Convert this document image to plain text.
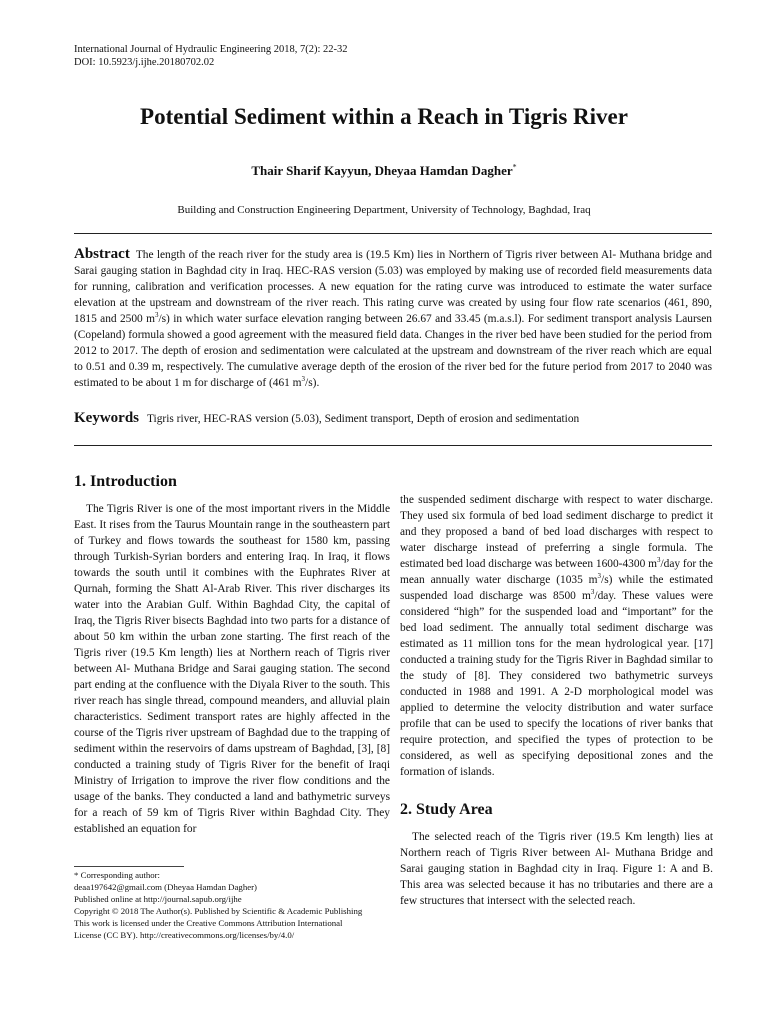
International Journal of Hydraulic Engineering 2018, 7(2): 22-32
DOI: 10.5923/j.ijhe.20180702.02
Potential Sediment within a Reach in Tigris River
Thair Sharif Kayyun, Dheyaa Hamdan Dagher*
Building and Construction Engineering Department, University of Technology, Baghdad, Iraq
Abstract The length of the reach river for the study area is (19.5 Km) lies in Northern of Tigris river between Al- Muthana bridge and Sarai gauging station in Baghdad city in Iraq. HEC-RAS version (5.03) was employed by making use of recorded field measurements data for running, calibration and verification processes. A new equation for the rating curve was introduced to estimate the water surface elevation at the upstream and downstream of the river reach. This rating curve was created by using four flow rate scenarios (461, 890, 1815 and 2500 $m^3/s$) in which water surface elevation ranging between 26.67 and 33.45 (m.a.s.l). For sediment transport analysis Laursen (Copeland) formula showed a good agreement with the measured field data. Changes in the river bed have been studied for the period from 2012 to 2017. The depth of erosion and sedimentation were calculated at the upstream and downstream of the river reach which are equal to 0.51 and 0.39 m, respectively. The cumulative average depth of the erosion of the river bed for the future period from 2017 to 2040 was estimated to be about 1 m for discharge of (461 $m^3/s$).
Keywords Tigris river, HEC-RAS version (5.03), Sediment transport, Depth of erosion and sedimentation
1. Introduction

The Tigris River is one of the most important rivers in the Middle East. It rises from the Taurus Mountain range in the southeastern part of Turkey and flows towards the southeast for 1580 km, passing through Turkish-Syrian borders and entering Iraq. In Iraq, it flows towards the south until it combines with the Euphrates River at Qurnah, forming the Shatt Al-Arab River. This river discharges its water into the Arabian Gulf. Within Baghdad City, the capital of Iraq, the Tigris River bisects Baghdad into two parts for a distance of about 50 km within the urban zone starting. The first reach of the Tigris river (19.5 Km length) lies at Northern reach of Tigris river between Al- Muthana Bridge and Sarai gauging station. The second part ending at the confluence with the Diyala River to the south. This river reach has single thread, compound meanders, and alluvial plain characteristics. Sediment transport rates are highly affected in the course of the Tigris river upstream of Baghdad due to the trapping of sediment within the reservoirs of dams upstream of Baghdad, [3], [8] conducted a training study of Tigris River for the benefit of Iraqi Ministry of Irrigation to improve the river flow conditions and the usage of the banks. They conducted a land and bathymetric surveys for a reach of 59 km of Tigris River within Baghdad City. They established an equation for

* Corresponding author:
deaa197642@gmail.com (Dheyaa Hamdan Dagher)
Published online at http://journal.sapub.org/ijhe
Copyright © 2018 The Author(s). Published by Scientific & Academic Publishing
This work is licensed under the Creative Commons Attribution International
License (CC BY). http://creativecommons.org/licenses/by/4.0/
the suspended sediment discharge with respect to water discharge. They used six formula of bed load sediment discharge to predict it and they proposed a band of bed load discharges with respect to water discharge instead of preferring a single formula. The estimated bed load discharge was between 1600-4300 $m^3$/day for the mean annually water discharge (1035 $m^3/s$) while the estimated suspended load discharge was 8500 $m^3$/day. These values were considered “high” for the suspended load and “important” for the bed load sediment. The annually total sediment discharge was estimated as 11 million tons for the mean hydrological year. [17] conducted a training study for the Tigris River in Baghdad similar to the study of [8]. They considered two bathymetric surveys conducted in 1988 and 1991. A 2-D morphological model was applied to determine the velocity distribution and water surface profile that can be used to specify the locations of river banks that require protection, and specified the types of protection to be considered, as well as specifying depositional zones and the formation of islands.
2. Study Area

The selected reach of the Tigris river (19.5 Km length) lies at Northern reach of Tigris River between Al- Muthana Bridge and Sarai gauging station in Baghdad city in Iraq. Figure 1: A and B. This area was selected because it has no tributaries and there are a few structures that intersect with the selected reach.
